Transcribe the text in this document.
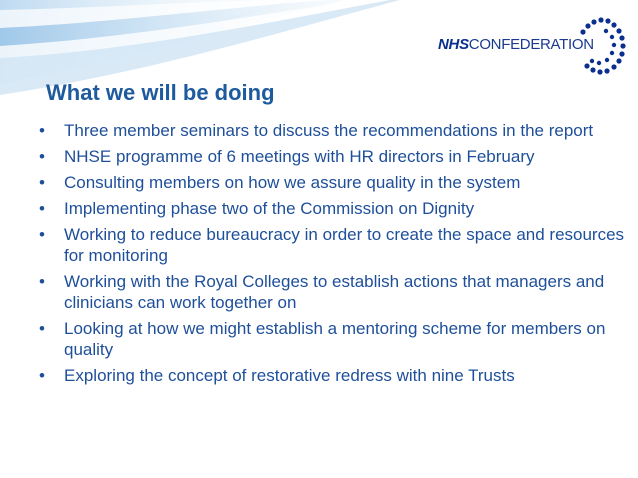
NHSCONFEDERATION
What we will be doing
• Three member seminars to discuss the recommendations in the report
• NHSE programme of 6 meetings with HR directors in February
• Consulting members on how we assure quality in the system
• Implementing phase two of the Commission on Dignity
• Working to reduce bureaucracy in order to create the space and resources for monitoring
• Working with the Royal Colleges to establish actions that managers and clinicians can work together on
• Looking at how we might establish a mentoring scheme for members on quality
• Exploring the concept of restorative redress with nine Trusts
